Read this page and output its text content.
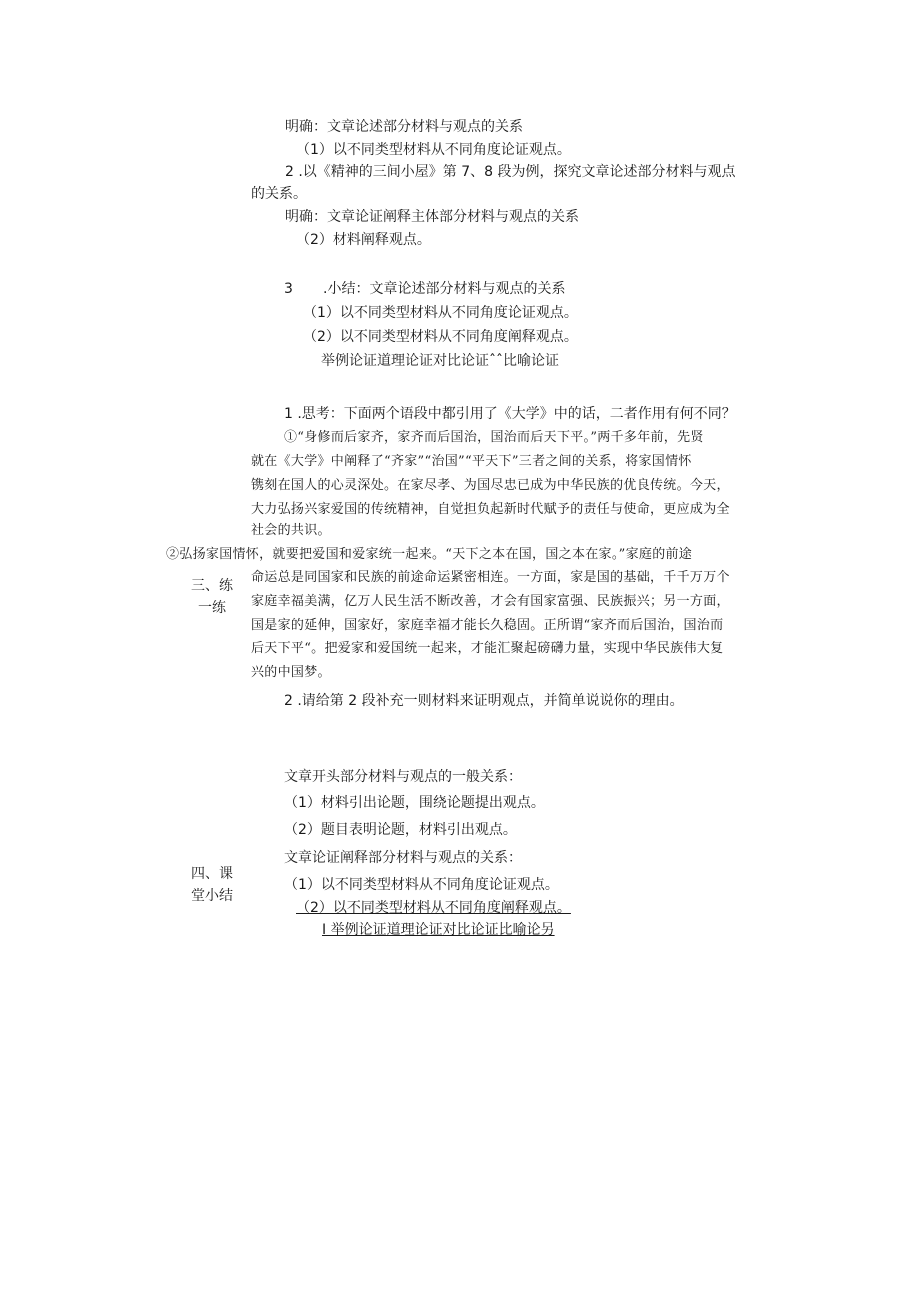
明确：文章论述部分材料与观点的关系
（1）以不同类型材料从不同角度论证观点。
2 .以《精神的三间小屋》第 7、8 段为例，探究文章论述部分材料与观点
的关系。
明确：文章论证阐释主体部分材料与观点的关系
（2）材料阐释观点。
3 .小结：文章论述部分材料与观点的关系
（1）以不同类型材料从不同角度论证观点。
（2）以不同类型材料从不同角度阐释观点。
举例论证道理论证对比论证ˆˆ比喻论证
1 .思考：下面两个语段中都引用了《大学》中的话，二者作用有何不同？
①“身修而后家齐，家齐而后国治，国治而后天下平。”两千多年前，先贤
就在《大学》中阐释了“齐家”“治国”“平天下”三者之间的关系，将家国情怀
镌刻在国人的心灵深处。在家尽孝、为国尽忠已成为中华民族的优良传统。今天，
大力弘扬兴家爱国的传统精神，自觉担负起新时代赋予的责任与使命，更应成为全
社会的共识。
②弘扬家国情怀，就要把爱国和爱家统一起来。“天下之本在国，国之本在家。”家庭的前途
命运总是同国家和民族的前途命运紧密相连。一方面，家是国的基础，千千万万个
家庭幸福美满，亿万人民生活不断改善，才会有国家富强、民族振兴；另一方面，
国是家的延伸，国家好，家庭幸福才能长久稳固。正所谓“家齐而后国治，国治而
后天下平“。把爱家和爱国统一起来，才能汇聚起磅礴力量，实现中华民族伟大复
兴的中国梦。
三、练
一练
2 .请给第 2 段补充一则材料来证明观点，并简单说说你的理由。
文章开头部分材料与观点的一般关系：
（1）材料引出论题，围绕论题提出观点。
（2）题目表明论题，材料引出观点。
文章论证阐释部分材料与观点的关系：
（1）以不同类型材料从不同角度论证观点。
（2）以不同类型材料从不同角度阐释观点。
I 举例论证道理论证对比论证比喻论另
四、课
堂小结
